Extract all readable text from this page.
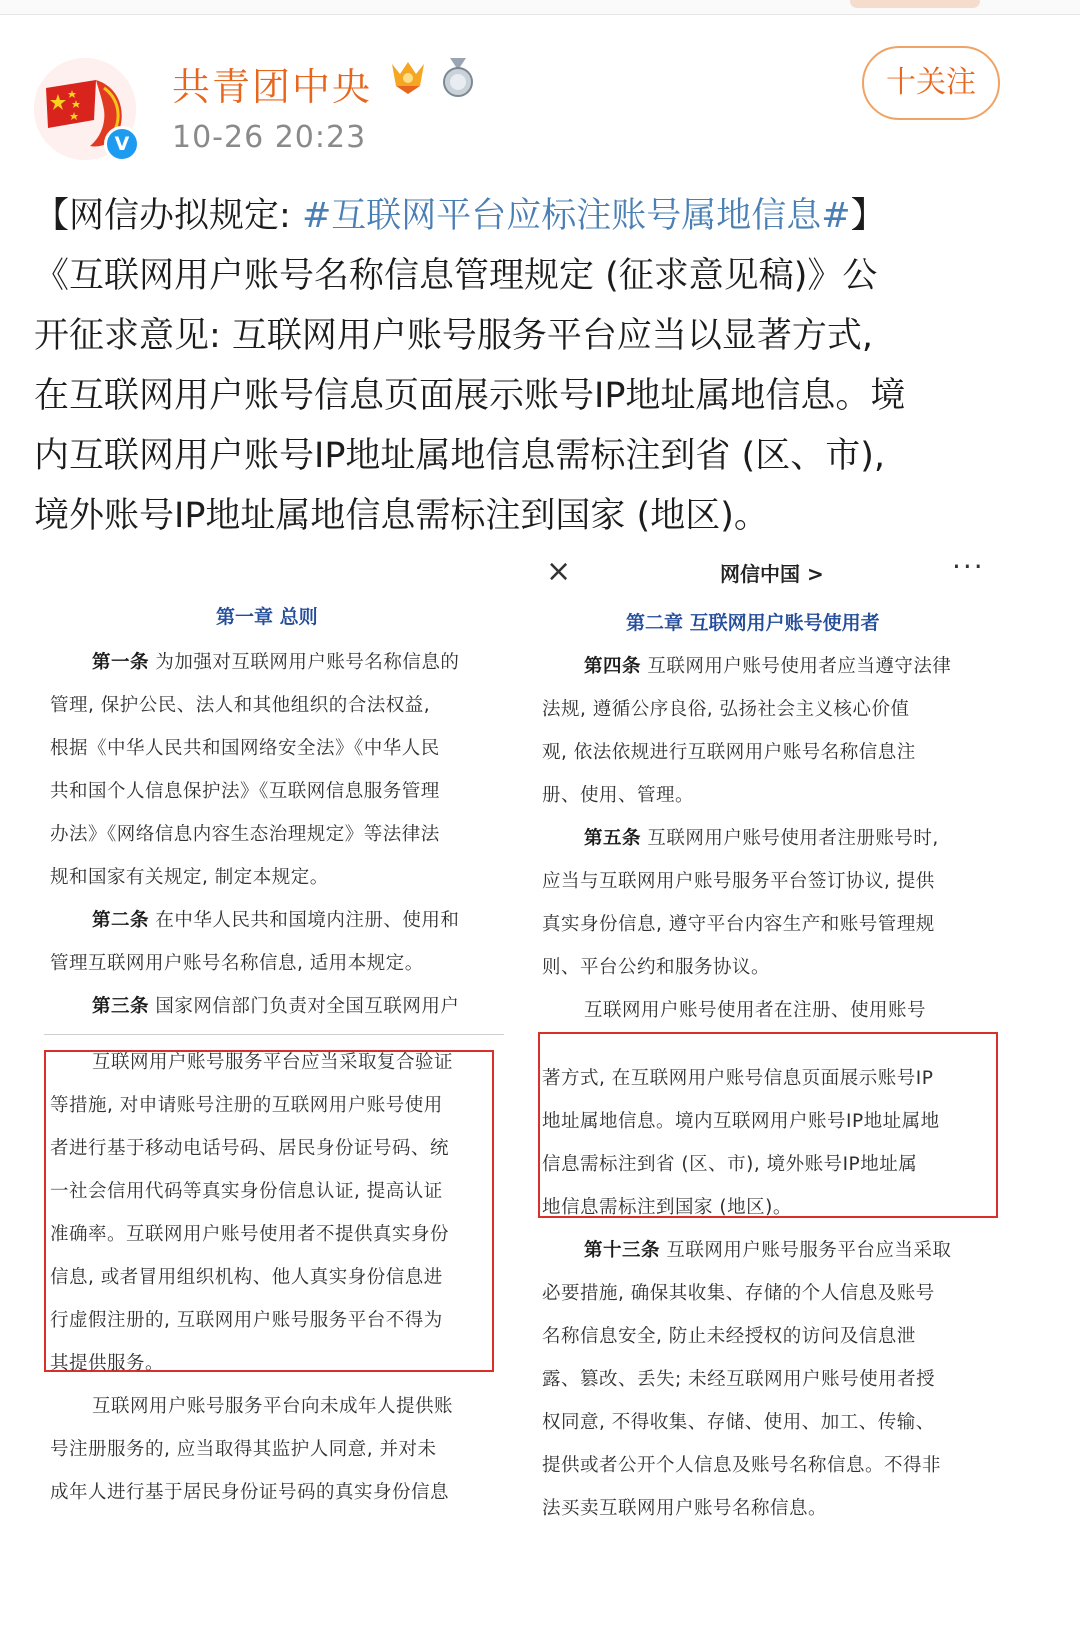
V
共青团中央
10-26 20:23
十关注
【网信办拟规定: #互联网平台应标注账号属地信息#】
《互联网用户账号名称信息管理规定 (征求意见稿)》公
开征求意见: 互联网用户账号服务平台应当以显著方式,
在互联网用户账号信息页面展示账号IP地址属地信息。境
内互联网用户账号IP地址属地信息需标注到省 (区、市),
境外账号IP地址属地信息需标注到国家 (地区)。
第一章 总则
第一条 为加强对互联网用户账号名称信息的
管理, 保护公民、法人和其他组织的合法权益,
根据《中华人民共和国网络安全法》《中华人民
共和国个人信息保护法》《互联网信息服务管理
办法》《网络信息内容生态治理规定》等法律法
规和国家有关规定, 制定本规定。
第二条 在中华人民共和国境内注册、使用和
管理互联网用户账号名称信息, 适用本规定。
第三条 国家网信部门负责对全国互联网用户
互联网用户账号服务平台应当采取复合验证
等措施, 对申请账号注册的互联网用户账号使用
者进行基于移动电话号码、居民身份证号码、统
一社会信用代码等真实身份信息认证, 提高认证
准确率。互联网用户账号使用者不提供真实身份
信息, 或者冒用组织机构、他人真实身份信息进
行虚假注册的, 互联网用户账号服务平台不得为
其提供服务。
互联网用户账号服务平台向未成年人提供账
号注册服务的, 应当取得其监护人同意, 并对未
成年人进行基于居民身份证号码的真实身份信息
×	网信中国 >	···
第二章 互联网用户账号使用者
第四条 互联网用户账号使用者应当遵守法律
法规, 遵循公序良俗, 弘扬社会主义核心价值
观, 依法依规进行互联网用户账号名称信息注
册、使用、管理。
第五条 互联网用户账号使用者注册账号时,
应当与互联网用户账号服务平台签订协议, 提供
真实身份信息, 遵守平台内容生产和账号管理规
则、平台公约和服务协议。
互联网用户账号使用者在注册、使用账号
著方式, 在互联网用户账号信息页面展示账号IP
地址属地信息。境内互联网用户账号IP地址属地
信息需标注到省 (区、市), 境外账号IP地址属
地信息需标注到国家 (地区)。
第十三条 互联网用户账号服务平台应当采取
必要措施, 确保其收集、存储的个人信息及账号
名称信息安全, 防止未经授权的访问及信息泄
露、篡改、丢失; 未经互联网用户账号使用者授
权同意, 不得收集、存储、使用、加工、传输、
提供或者公开个人信息及账号名称信息。不得非
法买卖互联网用户账号名称信息。
